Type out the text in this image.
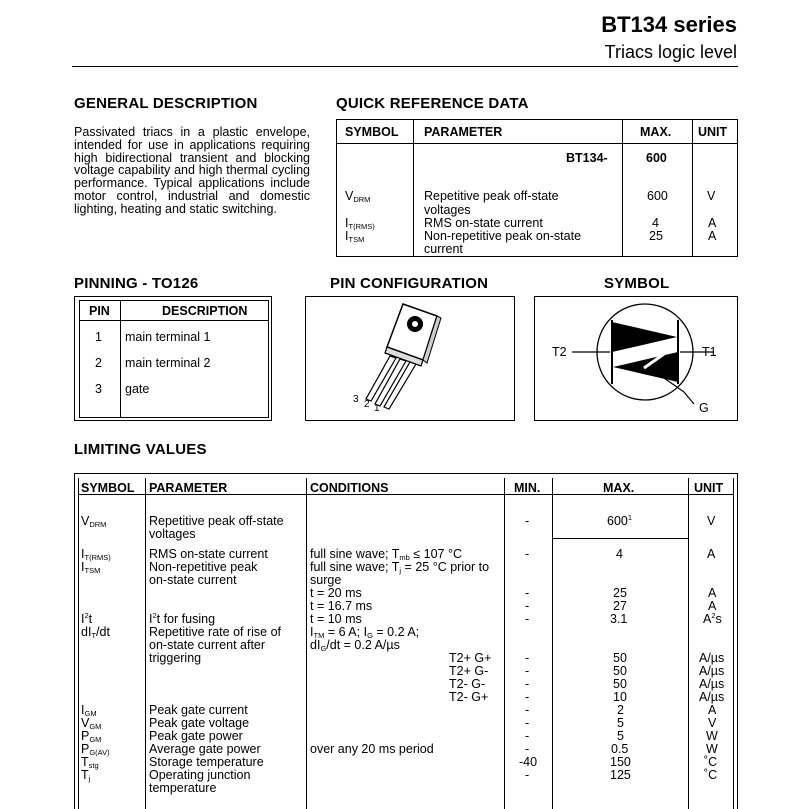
BT134 series
Triacs logic level
GENERAL DESCRIPTION
Passivated triacs in a plastic envelope, intended for use in applications requiring high bidirectional transient and blocking voltage capability and high thermal cycling performance. Typical applications include motor control, industrial and domestic lighting, heating and static switching.
QUICK REFERENCE DATA
SYMBOL PARAMETER	MAX. UNIT
BT134-	600
$V_{DRM}$	Repetitive peak off-state
voltages
600	V
$I_{T(RMS)}$	RMS on-state current	4	A
$I_{TSM}$	Non-repetitive peak on-state
current
25	A
PINNING - TO126
PIN	DESCRIPTION
1 main terminal 1
2 main terminal 2
3 gate
PIN CONFIGURATION
3 2 1
SYMBOL
T2	T1
G
LIMITING VALUES
SYMBOL PARAMETER	CONDITIONS	MIN.	MAX.	UNIT
$V_{DRM}$	Repetitive peak off-state
voltages
-	$600^1$	V
$I_{T(RMS)}$	RMS on-state current	full sine wave; $T_{mb} \le 107$ °C	-	4	A
$I_{TSM}$	Non-repetitive peak
on-state current
full sine wave; $T_j = 25$ °C prior to
surge
t = 20 ms	-	25	A
t = 16.7 ms	-	27	A
$I^2t$	$I^2t$ for fusing	t = 10 ms	-	3.1	$A^2s$
$dI_T/dt$	Repetitive rate of rise of
on-state current after
triggering
$I_{TM} = 6$ A; $I_G = 0.2$ A;
$dI_G/dt = 0.2$ A/µs
T2+ G+	-	50	A/µs
T2+ G-	-	50	A/µs
T2- G-	-	50	A/µs
T2- G+	-	10	A/µs
$I_{GM}$	Peak gate current	-	2	A
$V_{GM}$	Peak gate voltage	-	5	V
$P_{GM}$	Peak gate power	-	5	W
$P_{G(AV)}$	Average gate power	over any 20 ms period	-	0.5	W
$T_{stg}$	Storage temperature	-40	150	˚C
$T_j$	Operating junction
temperature
-	125	˚C
